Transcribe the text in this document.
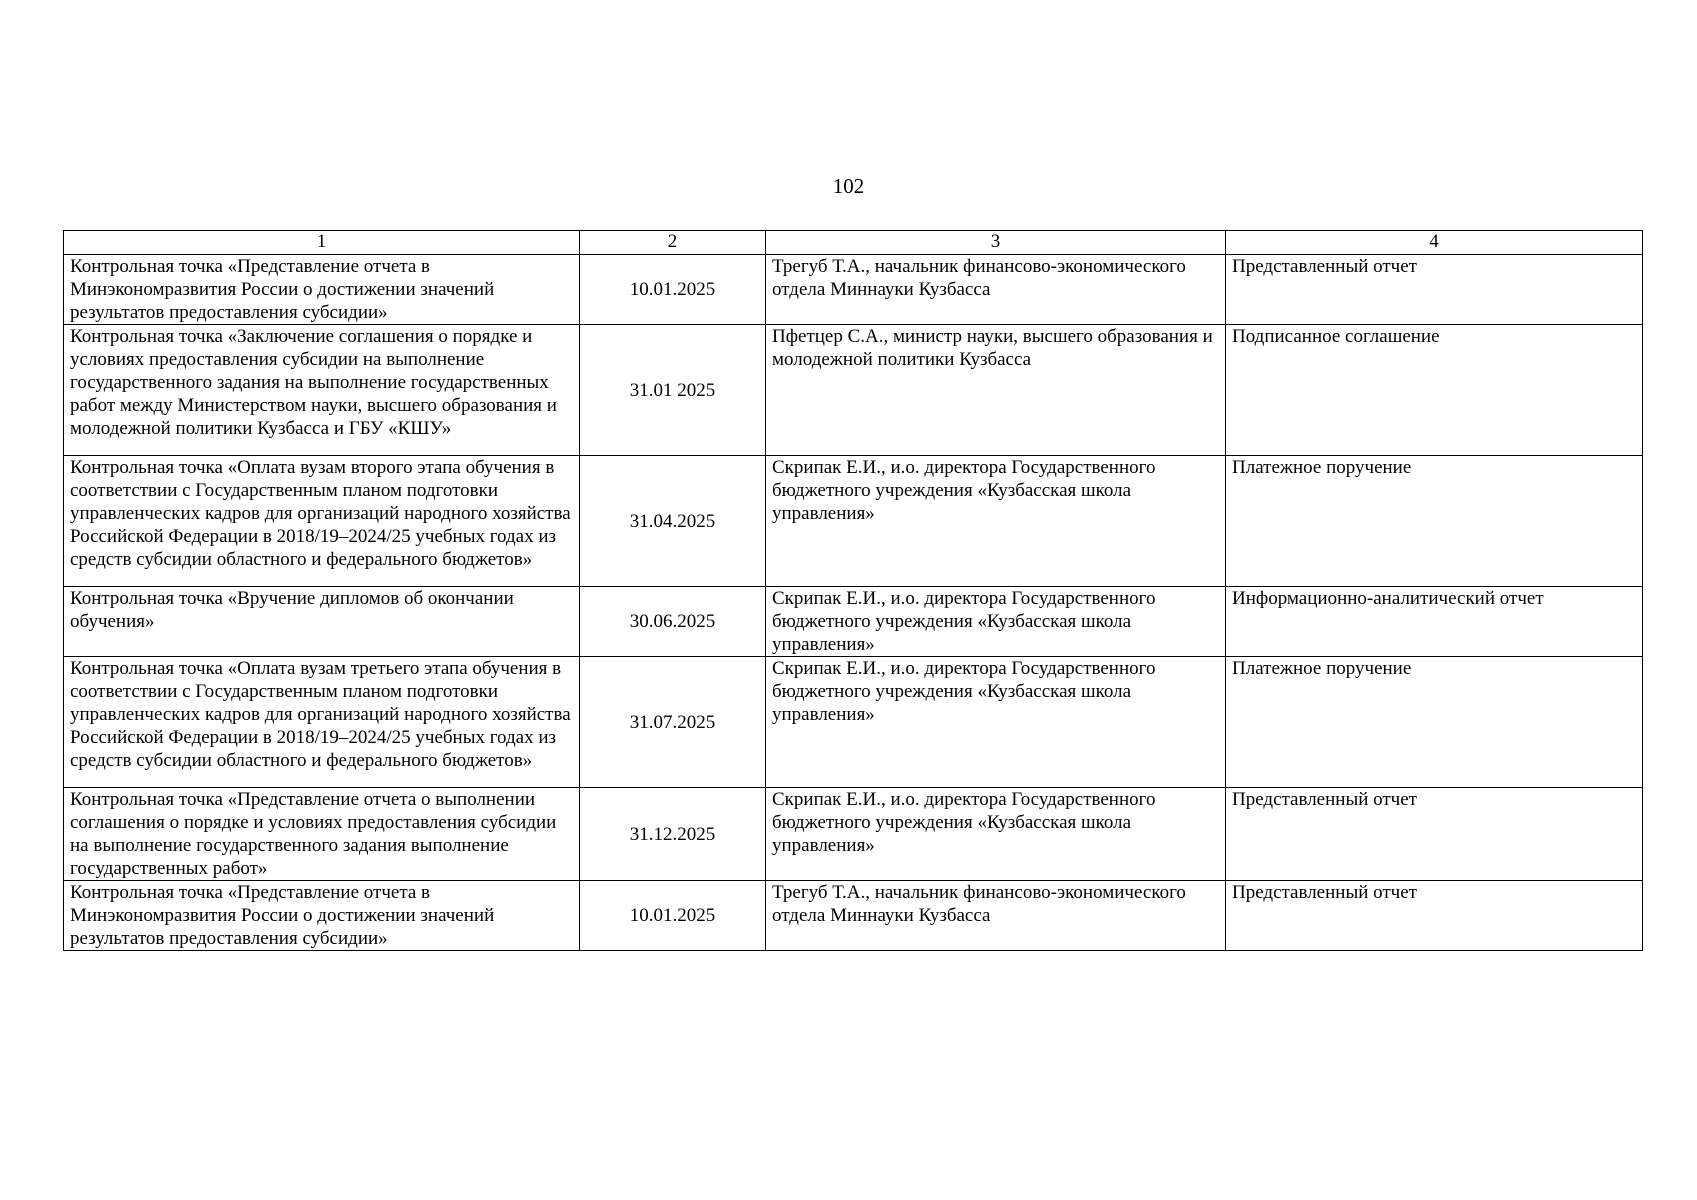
102
1	2	3	4
Контрольная точка «Представление отчета в Минэкономразвития России о достижении значений результатов предоставления субсидии»	10.01.2025	Трегуб Т.А., начальник финансово-экономического отдела Миннауки Кузбасса	Представленный отчет
Контрольная точка «Заключение соглашения о порядке и условиях предоставления субсидии на выполнение государственного задания на выполнение государственных работ между Министерством науки, высшего образования и молодежной политики Кузбасса и ГБУ «КШУ»	31.01 2025	Пфетцер С.А., министр науки, высшего образования и молодежной политики Кузбасса	Подписанное соглашение
Контрольная точка «Оплата вузам второго этапа обучения в соответствии с Государственным планом подготовки управленческих кадров для организаций народного хозяйства Российской Федерации в 2018/19–2024/25 учебных годах из средств субсидии областного и федерального бюджетов»	31.04.2025	Скрипак Е.И., и.о. директора Государственного бюджетного учреждения «Кузбасская школа управления»	Платежное поручение
Контрольная точка «Вручение дипломов об окончании обучения»	30.06.2025	Скрипак Е.И., и.о. директора Государственного бюджетного учреждения «Кузбасская школа управления»	Информационно-аналитический отчет
Контрольная точка «Оплата вузам третьего этапа обучения в соответствии с Государственным планом подготовки управленческих кадров для организаций народного хозяйства Российской Федерации в 2018/19–2024/25 учебных годах из средств субсидии областного и федерального бюджетов»	31.07.2025	Скрипак Е.И., и.о. директора Государственного бюджетного учреждения «Кузбасская школа управления»	Платежное поручение
Контрольная точка «Представление отчета о выполнении соглашения о порядке и условиях предоставления субсидии на выполнение государственного задания выполнение государственных работ»	31.12.2025	Скрипак Е.И., и.о. директора Государственного бюджетного учреждения «Кузбасская школа управления»	Представленный отчет
Контрольная точка «Представление отчета в Минэкономразвития России о достижении значений результатов предоставления субсидии»	10.01.2025	Трегуб Т.А., начальник финансово-экономического отдела Миннауки Кузбасса	Представленный отчет
